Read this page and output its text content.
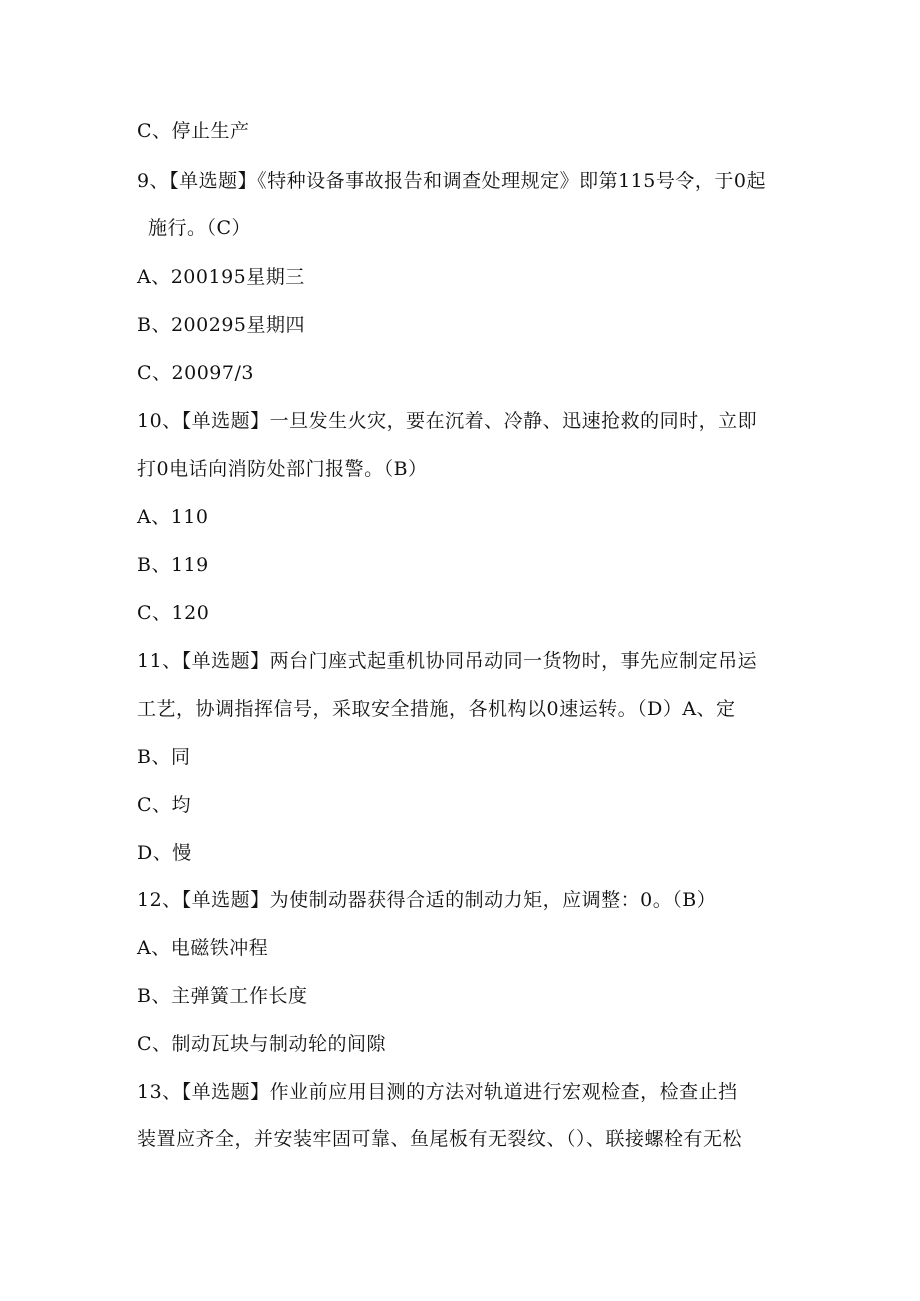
C、停止生产
9、【单选题】《特种设备事故报告和调查处理规定》即第115号令，于0起
施行。（C）
A、200195星期三
B、200295星期四
C、20097/3
10、【单选题】一旦发生火灾，要在沉着、冷静、迅速抢救的同时，立即
打0电话向消防处部门报警。（B）
A、110
B、119
C、120
11、【单选题】两台门座式起重机协同吊动同一货物时，事先应制定吊运
工艺，协调指挥信号，采取安全措施，各机构以0速运转。（D）A、定
B、同
C、均
D、慢
12、【单选题】为使制动器获得合适的制动力矩，应调整：0。（B）
A、电磁铁冲程
B、主弹簧工作长度
C、制动瓦块与制动轮的间隙
13、【单选题】作业前应用目测的方法对轨道进行宏观检查，检查止挡
装置应齐全，并安装牢固可靠、鱼尾板有无裂纹、（）、联接螺栓有无松
